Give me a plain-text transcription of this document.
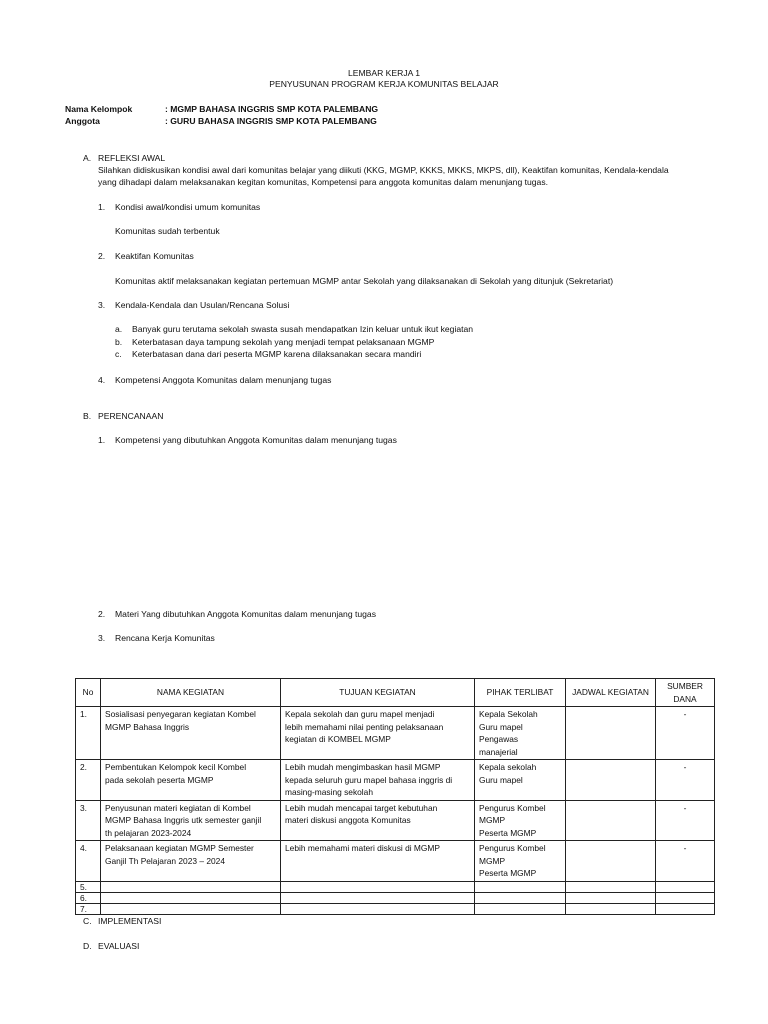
LEMBAR KERJA 1
PENYUSUNAN PROGRAM KERJA KOMUNITAS BELAJAR
Nama Kelompok	: MGMP BAHASA INGGRIS SMP KOTA PALEMBANG
Anggota	: GURU BAHASA INGGRIS SMP KOTA PALEMBANG
A. REFLEKSI AWAL
Silahkan didiskusikan kondisi awal dari komunitas belajar yang diikuti (KKG, MGMP, KKKS, MKKS, MKPS, dll), Keaktifan komunitas, Kendala-kendala
yang dihadapi dalam melaksanakan kegitan komunitas, Kompetensi para anggota komunitas dalam menunjang tugas.
1. Kondisi awal/kondisi umum komunitas
Komunitas sudah terbentuk
2. Keaktifan Komunitas
Komunitas aktif melaksanakan kegiatan pertemuan MGMP antar Sekolah yang dilaksanakan di Sekolah yang ditunjuk (Sekretariat)
3. Kendala-Kendala dan Usulan/Rencana Solusi
a. Banyak guru terutama sekolah swasta susah mendapatkan Izin keluar untuk ikut kegiatan
b. Keterbatasan daya tampung sekolah yang menjadi tempat pelaksanaan MGMP
c. Keterbatasan dana dari peserta MGMP karena dilaksanakan secara mandiri
4. Kompetensi Anggota Komunitas dalam menunjang tugas
B. PERENCANAAN
1. Kompetensi yang dibutuhkan Anggota Komunitas dalam menunjang tugas
2. Materi Yang dibutuhkan Anggota Komunitas dalam menunjang tugas
3. Rencana Kerja Komunitas
No	NAMA KEGIATAN	TUJUAN KEGIATAN	PIHAK TERLIBAT	JADWAL KEGIATAN	SUMBER
DANA
1.	Sosialisasi penyegaran kegiatan Kombel
MGMP Bahasa Inggris	Kepala sekolah dan guru mapel menjadi
lebih memahami nilai penting pelaksanaan
kegiatan di KOMBEL MGMP	Kepala Sekolah
Guru mapel
Pengawas
manajerial		-
2.	Pembentukan Kelompok kecil Kombel
pada sekolah peserta MGMP	Lebih mudah mengimbaskan hasil MGMP
kepada seluruh guru mapel bahasa inggris di
masing-masing sekolah	Kepala sekolah
Guru mapel		-
3.	Penyusunan materi kegiatan di Kombel
MGMP Bahasa Inggris utk semester ganjil
th pelajaran 2023-2024	Lebih mudah mencapai target kebutuhan
materi diskusi anggota Komunitas	Pengurus Kombel
MGMP
Peserta MGMP		-
4.	Pelaksanaan kegiatan MGMP Semester
Ganjil Th Pelajaran 2023 – 2024	Lebih memahami materi diskusi di MGMP	Pengurus Kombel
MGMP
Peserta MGMP		-
5.					
6.					
7.					
C. IMPLEMENTASI
D. EVALUASI
